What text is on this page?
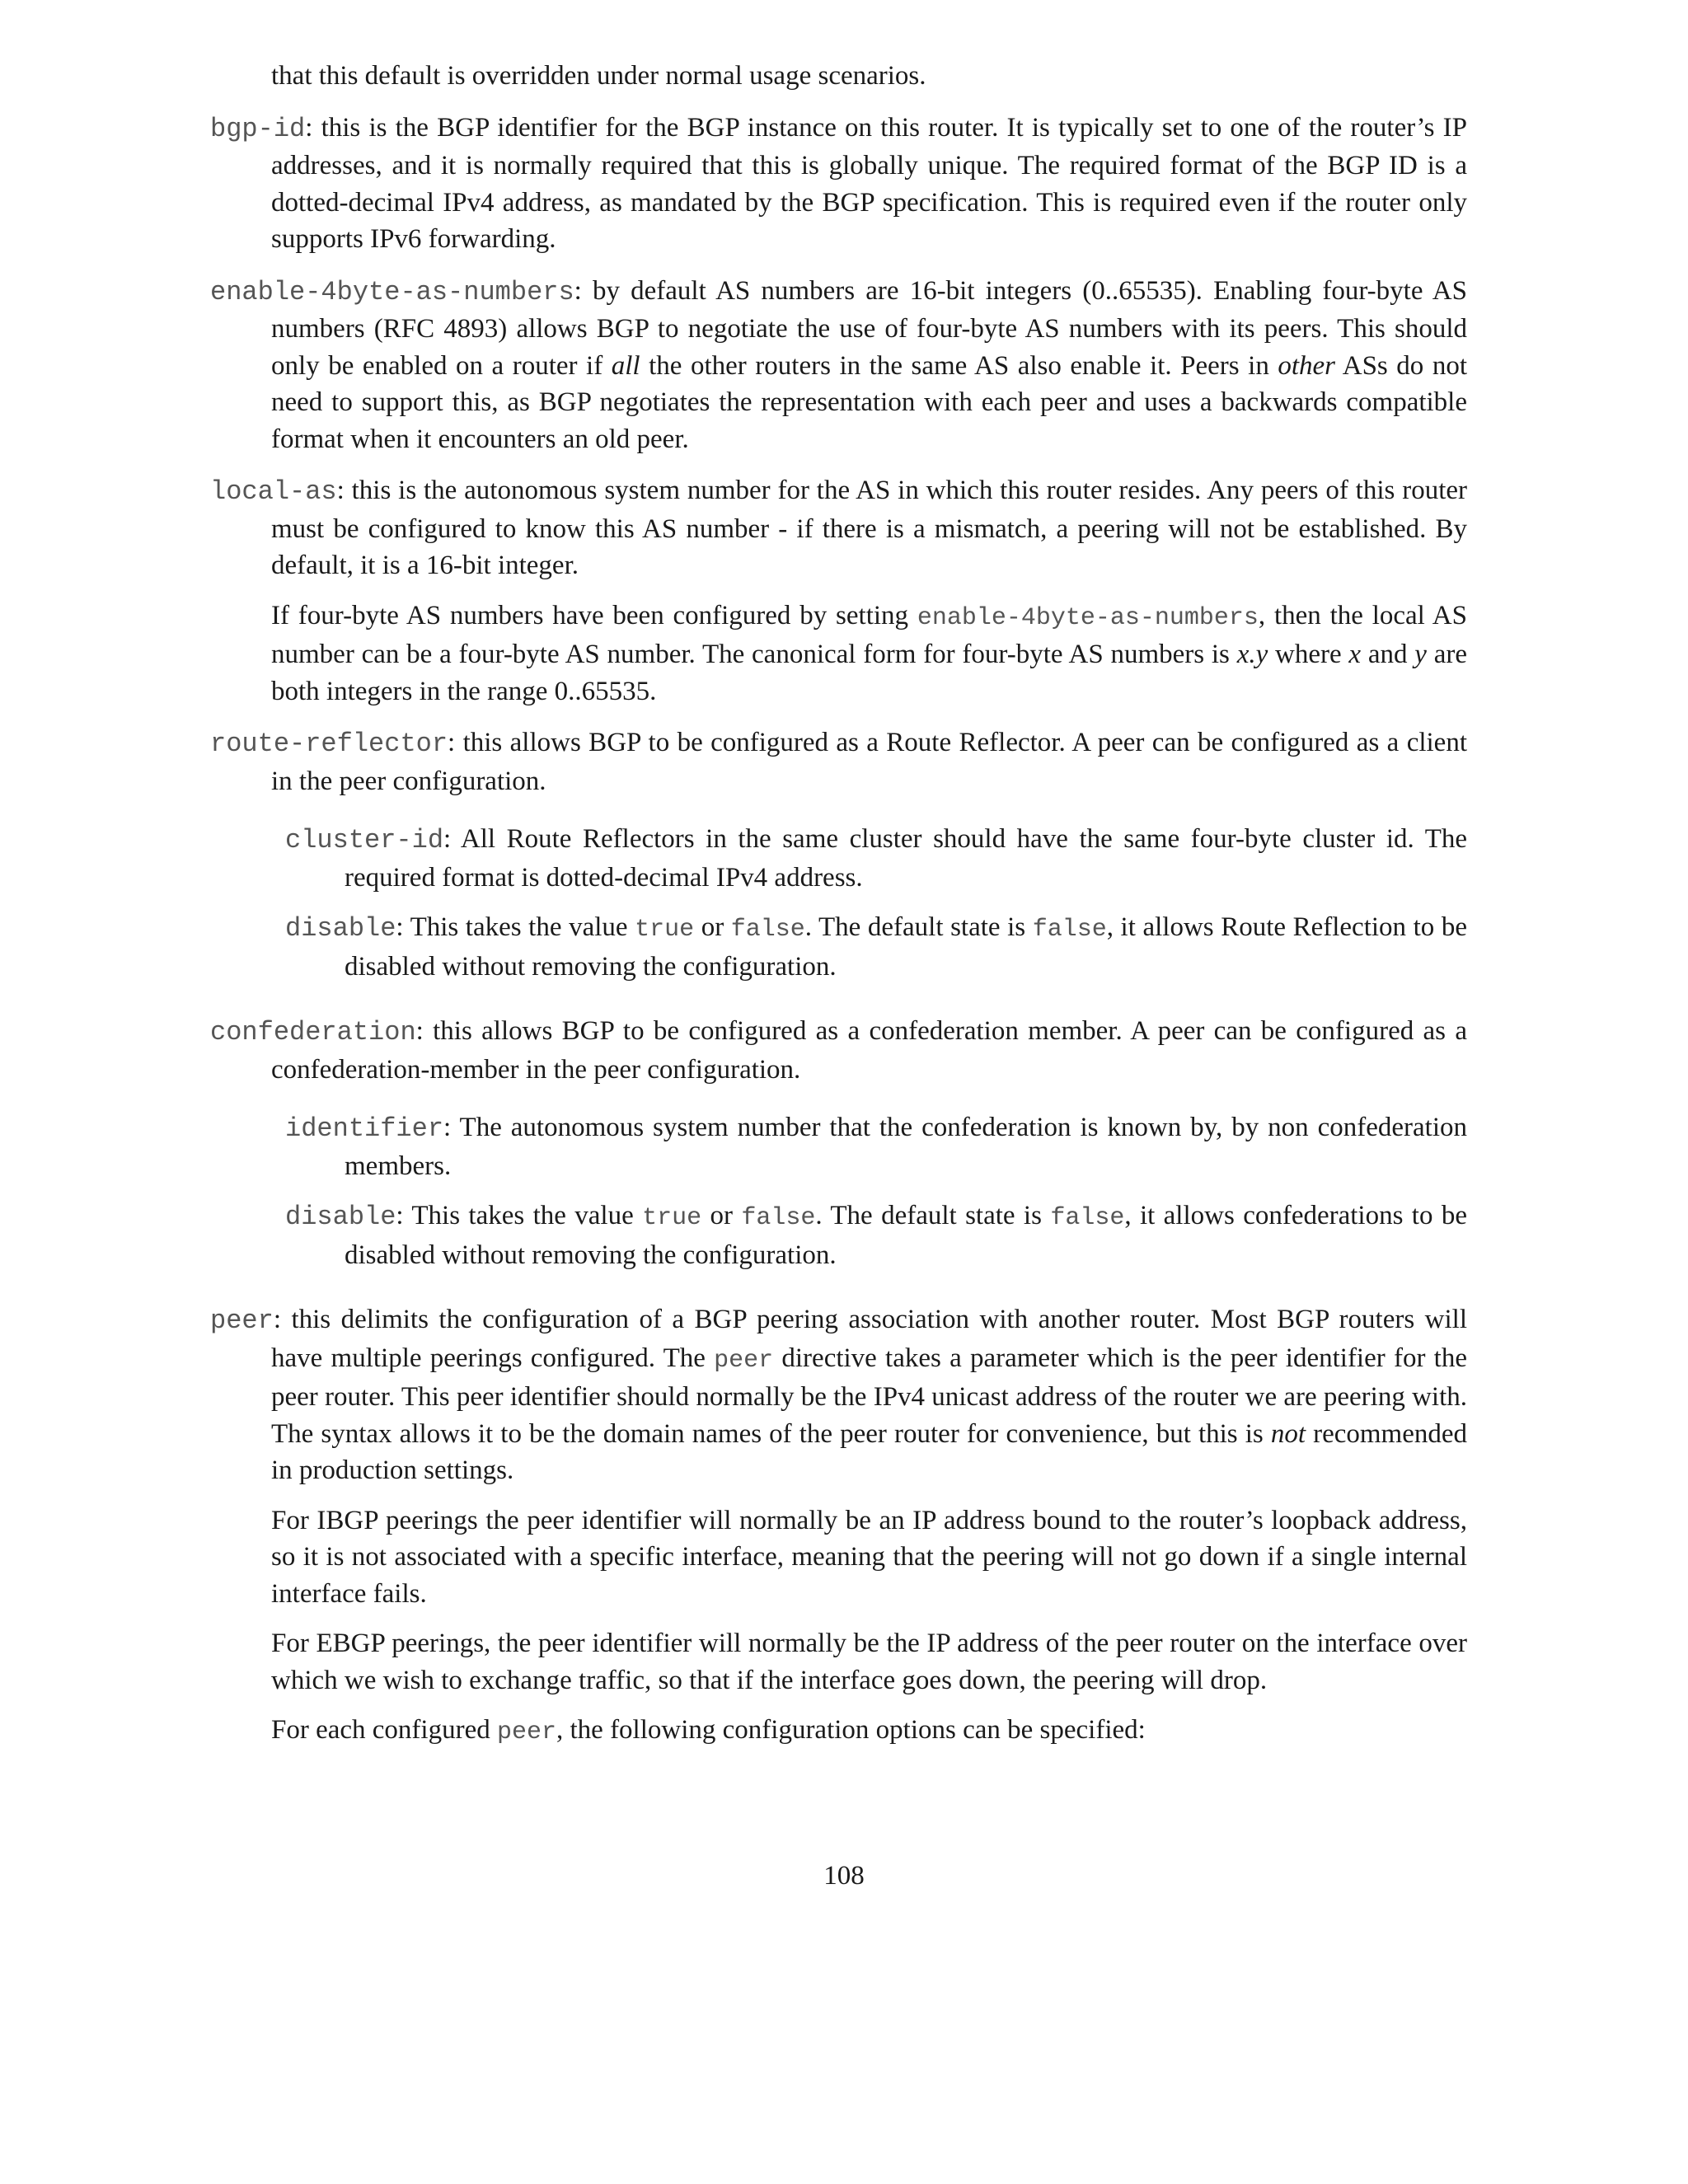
that this default is overridden under normal usage scenarios.

bgp-id: this is the BGP identifier for the BGP instance on this router. It is typically set to one of the router’s IP addresses, and it is normally required that this is globally unique. The required format of the BGP ID is a dotted-decimal IPv4 address, as mandated by the BGP specification. This is required even if the router only supports IPv6 forwarding.

enable-4byte-as-numbers: by default AS numbers are 16-bit integers (0..65535). Enabling four-byte AS numbers (RFC 4893) allows BGP to negotiate the use of four-byte AS numbers with its peers. This should only be enabled on a router if all the other routers in the same AS also enable it. Peers in other ASs do not need to support this, as BGP negotiates the representation with each peer and uses a backwards compatible format when it encounters an old peer.

local-as: this is the autonomous system number for the AS in which this router resides. Any peers of this router must be configured to know this AS number - if there is a mismatch, a peering will not be established. By default, it is a 16-bit integer.

If four-byte AS numbers have been configured by setting enable-4byte-as-numbers, then the local AS number can be a four-byte AS number. The canonical form for four-byte AS numbers is x.y where x and y are both integers in the range 0..65535.

route-reflector: this allows BGP to be configured as a Route Reflector. A peer can be configured as a client in the peer configuration.

cluster-id: All Route Reflectors in the same cluster should have the same four-byte cluster id. The required format is dotted-decimal IPv4 address.

disable: This takes the value true or false. The default state is false, it allows Route Reflection to be disabled without removing the configuration.

confederation: this allows BGP to be configured as a confederation member. A peer can be configured as a confederation-member in the peer configuration.

identifier: The autonomous system number that the confederation is known by, by non confederation members.

disable: This takes the value true or false. The default state is false, it allows confederations to be disabled without removing the configuration.

peer: this delimits the configuration of a BGP peering association with another router. Most BGP routers will have multiple peerings configured. The peer directive takes a parameter which is the peer identifier for the peer router. This peer identifier should normally be the IPv4 unicast address of the router we are peering with. The syntax allows it to be the domain names of the peer router for convenience, but this is not recommended in production settings.

For IBGP peerings the peer identifier will normally be an IP address bound to the router’s loopback address, so it is not associated with a specific interface, meaning that the peering will not go down if a single internal interface fails.

For EBGP peerings, the peer identifier will normally be the IP address of the peer router on the interface over which we wish to exchange traffic, so that if the interface goes down, the peering will drop.

For each configured peer, the following configuration options can be specified:

108
